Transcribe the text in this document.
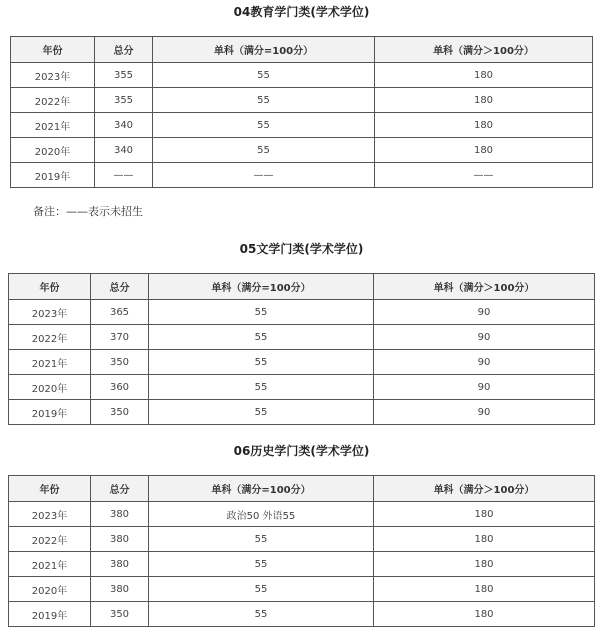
04教育学门类(学术学位)
年份	总分	单科（满分=100分）	单科（满分＞100分）
2023年	355	55	180
2022年	355	55	180
2021年	340	55	180
2020年	340	55	180
2019年	——	——	——
备注：——表示未招生
05文学门类(学术学位)
年份	总分	单科（满分=100分）	单科（满分＞100分）
2023年	365	55	90
2022年	370	55	90
2021年	350	55	90
2020年	360	55	90
2019年	350	55	90
06历史学门类(学术学位)
年份	总分	单科（满分=100分）	单科（满分＞100分）
2023年	380	政治50 外语55	180
2022年	380	55	180
2021年	380	55	180
2020年	380	55	180
2019年	350	55	180
